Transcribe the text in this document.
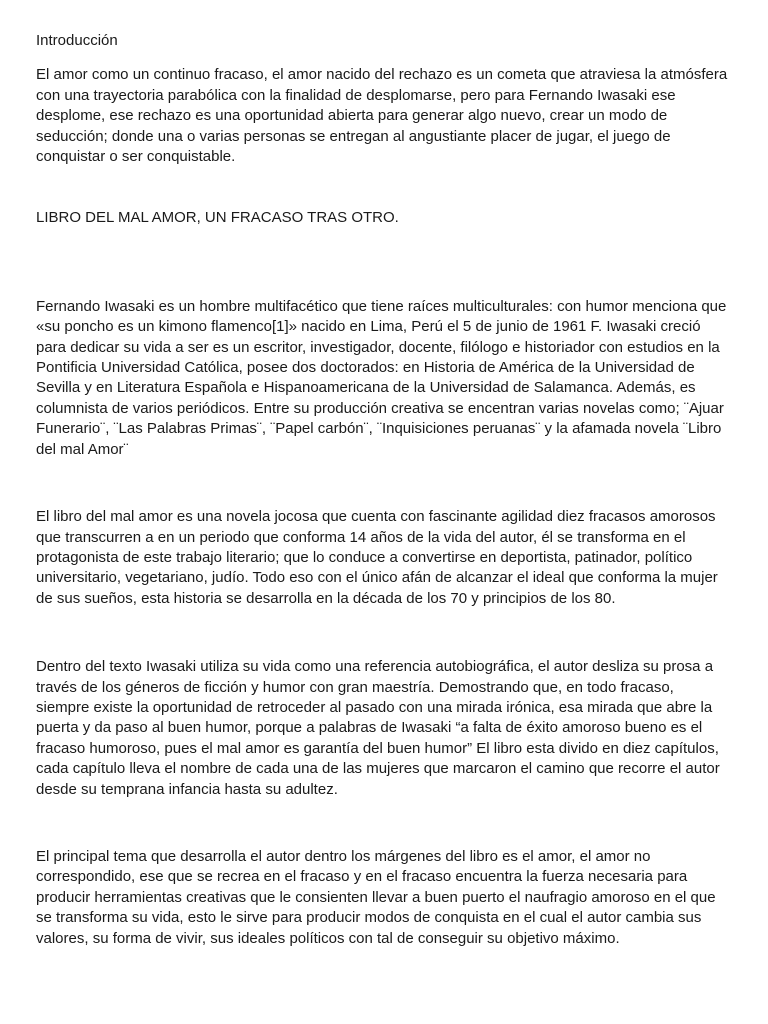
Introducción

El amor como un continuo fracaso, el amor nacido del rechazo es un cometa que atraviesa la atmósfera con una trayectoria parabólica con la finalidad de desplomarse, pero para Fernando Iwasaki ese desplome, ese rechazo es una oportunidad abierta para generar algo nuevo, crear un modo de seducción; donde una o varias personas se entregan al angustiante placer de jugar, el juego de conquistar o ser conquistable.

LIBRO DEL MAL AMOR, UN FRACASO TRAS OTRO.

Fernando Iwasaki es un hombre multifacético que tiene raíces multiculturales: con humor menciona que «su poncho es un kimono flamenco[1]» nacido en Lima, Perú el 5 de junio de 1961 F. Iwasaki creció para dedicar su vida a ser es un escritor, investigador, docente, filólogo e historiador con estudios en la Pontificia Universidad Católica, posee dos doctorados: en Historia de América de la Universidad de Sevilla y en Literatura Española e Hispanoamericana de la Universidad de Salamanca. Además, es columnista de varios periódicos. Entre su producción creativa se encentran varias novelas como; ¨Ajuar Funerario¨, ¨Las Palabras Primas¨, ¨Papel carbón¨, ¨Inquisiciones peruanas¨ y la afamada novela ¨Libro del mal Amor¨

El libro del mal amor es una novela jocosa que cuenta con fascinante agilidad diez fracasos amorosos que transcurren a en un periodo que conforma 14 años de la vida del autor, él se transforma en el protagonista de este trabajo literario; que lo conduce a convertirse en deportista, patinador, político universitario, vegetariano, judío. Todo eso con el único afán de alcanzar el ideal que conforma la mujer de sus sueños, esta historia se desarrolla en la década de los 70 y principios de los 80.

Dentro del texto Iwasaki utiliza su vida como una referencia autobiográfica, el autor desliza su prosa a través de los géneros de ficción y humor con gran maestría. Demostrando que, en todo fracaso, siempre existe la oportunidad de retroceder al pasado con una mirada irónica, esa mirada que abre la puerta y da paso al buen humor, porque a palabras de Iwasaki “a falta de éxito amoroso bueno es el fracaso humoroso, pues el mal amor es garantía del buen humor” El libro esta divido en diez capítulos, cada capítulo lleva el nombre de cada una de las mujeres que marcaron el camino que recorre el autor desde su temprana infancia hasta su adultez.

El principal tema que desarrolla el autor dentro los márgenes del libro es el amor, el amor no correspondido, ese que se recrea en el fracaso y en el fracaso encuentra la fuerza necesaria para producir herramientas creativas que le consienten llevar a buen puerto el naufragio amoroso en el que se transforma su vida, esto le sirve para producir modos de conquista en el cual el autor cambia sus valores, su forma de vivir, sus ideales políticos con tal de conseguir su objetivo máximo.
